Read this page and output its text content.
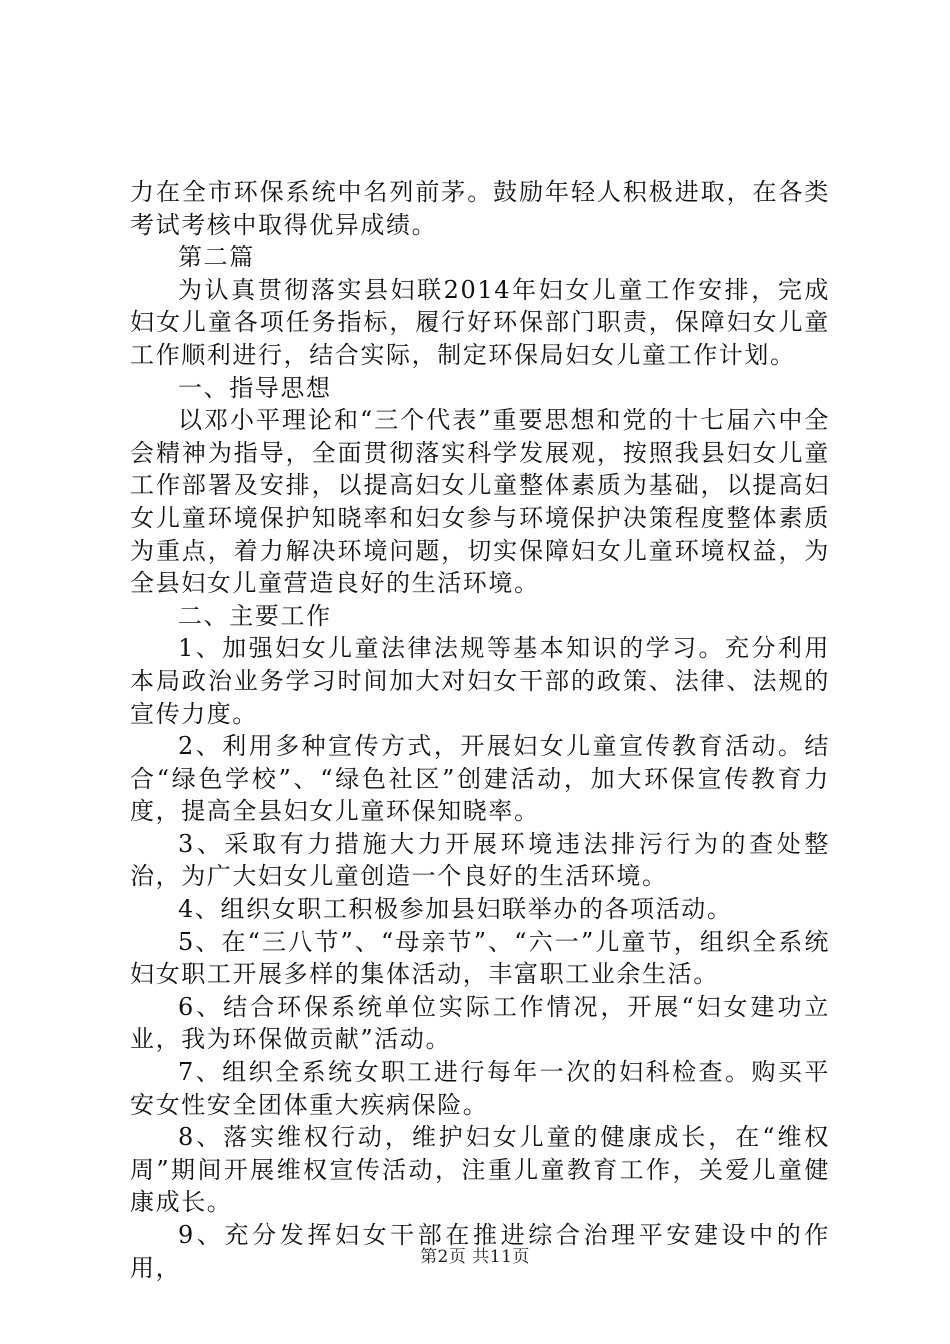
力在全市环保系统中名列前茅。鼓励年轻人积极进取，在各类考试考核中取得优异成绩。

第二篇

为认真贯彻落实县妇联2014年妇女儿童工作安排，完成妇女儿童各项任务指标，履行好环保部门职责，保障妇女儿童工作顺利进行，结合实际，制定环保局妇女儿童工作计划。

一、指导思想

以邓小平理论和“三个代表”重要思想和党的十七届六中全会精神为指导，全面贯彻落实科学发展观，按照我县妇女儿童工作部署及安排，以提高妇女儿童整体素质为基础，以提高妇女儿童环境保护知晓率和妇女参与环境保护决策程度整体素质为重点，着力解决环境问题，切实保障妇女儿童环境权益，为全县妇女儿童营造良好的生活环境。

二、主要工作

1、加强妇女儿童法律法规等基本知识的学习。充分利用本局政治业务学习时间加大对妇女干部的政策、法律、法规的宣传力度。

2、利用多种宣传方式，开展妇女儿童宣传教育活动。结合“绿色学校”、“绿色社区”创建活动，加大环保宣传教育力度，提高全县妇女儿童环保知晓率。

3、采取有力措施大力开展环境违法排污行为的查处整治，为广大妇女儿童创造一个良好的生活环境。

4、组织女职工积极参加县妇联举办的各项活动。

5、在“三八节”、“母亲节”、“六一”儿童节，组织全系统妇女职工开展多样的集体活动，丰富职工业余生活。

6、结合环保系统单位实际工作情况，开展“妇女建功立业，我为环保做贡献”活动。

7、组织全系统女职工进行每年一次的妇科检查。购买平安女性安全团体重大疾病保险。

8、落实维权行动，维护妇女儿童的健康成长，在“维权周”期间开展维权宣传活动，注重儿童教育工作，关爱儿童健康成长。

9、充分发挥妇女干部在推进综合治理平安建设中的作用，	第2页 共11页
